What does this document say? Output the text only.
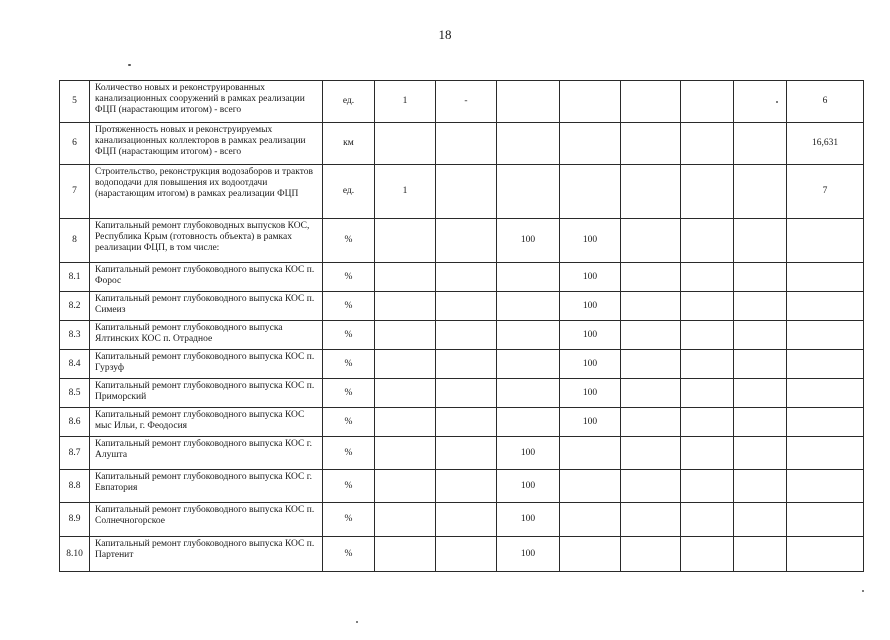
18
5	Количество новых и реконструированных канализационных сооружений в рамках реализации ФЦП (нарастающим итогом) - всего	ед.	1	-						6	
6	Протяженность новых и реконструируемых канализационных коллекторов в рамках реализации ФЦП (нарастающим итогом) - всего	км								16,631	
7	Строительство, реконструкция водозаборов и трактов водоподачи для повышения их водоотдачи (нарастающим итогом) в рамках реализации ФЦП	ед.	1							7	
8	Капитальный ремонт глубоководных выпусков КОС, Республика Крым (готовность объекта) в рамках реализации ФЦП, в том числе:	%			100	100					
8.1	Капитальный ремонт глубоководного выпуска КОС п. Форос	%				100					
8.2	Капитальный ремонт глубоководного выпуска КОС п. Симеиз	%				100					
8.3	Капитальный ремонт глубоководного выпуска Ялтинских КОС п. Отрадное	%				100					
8.4	Капитальный ремонт глубоководного выпуска КОС п. Гурзуф	%				100					
8.5	Капитальный ремонт глубоководного выпуска КОС п. Приморский	%				100					
8.6	Капитальный ремонт глубоководного выпуска КОС мыс Ильи, г. Феодосия	%				100					
8.7	Капитальный ремонт глубоководного выпуска КОС г. Алушта	%			100						
8.8	Капитальный ремонт глубоководного выпуска КОС г. Евпатория	%			100						
8.9	Капитальный ремонт глубоководного выпуска КОС п. Солнечногорское	%			100						
8.10	Капитальный ремонт глубоководного выпуска КОС п. Партенит	%			100						
